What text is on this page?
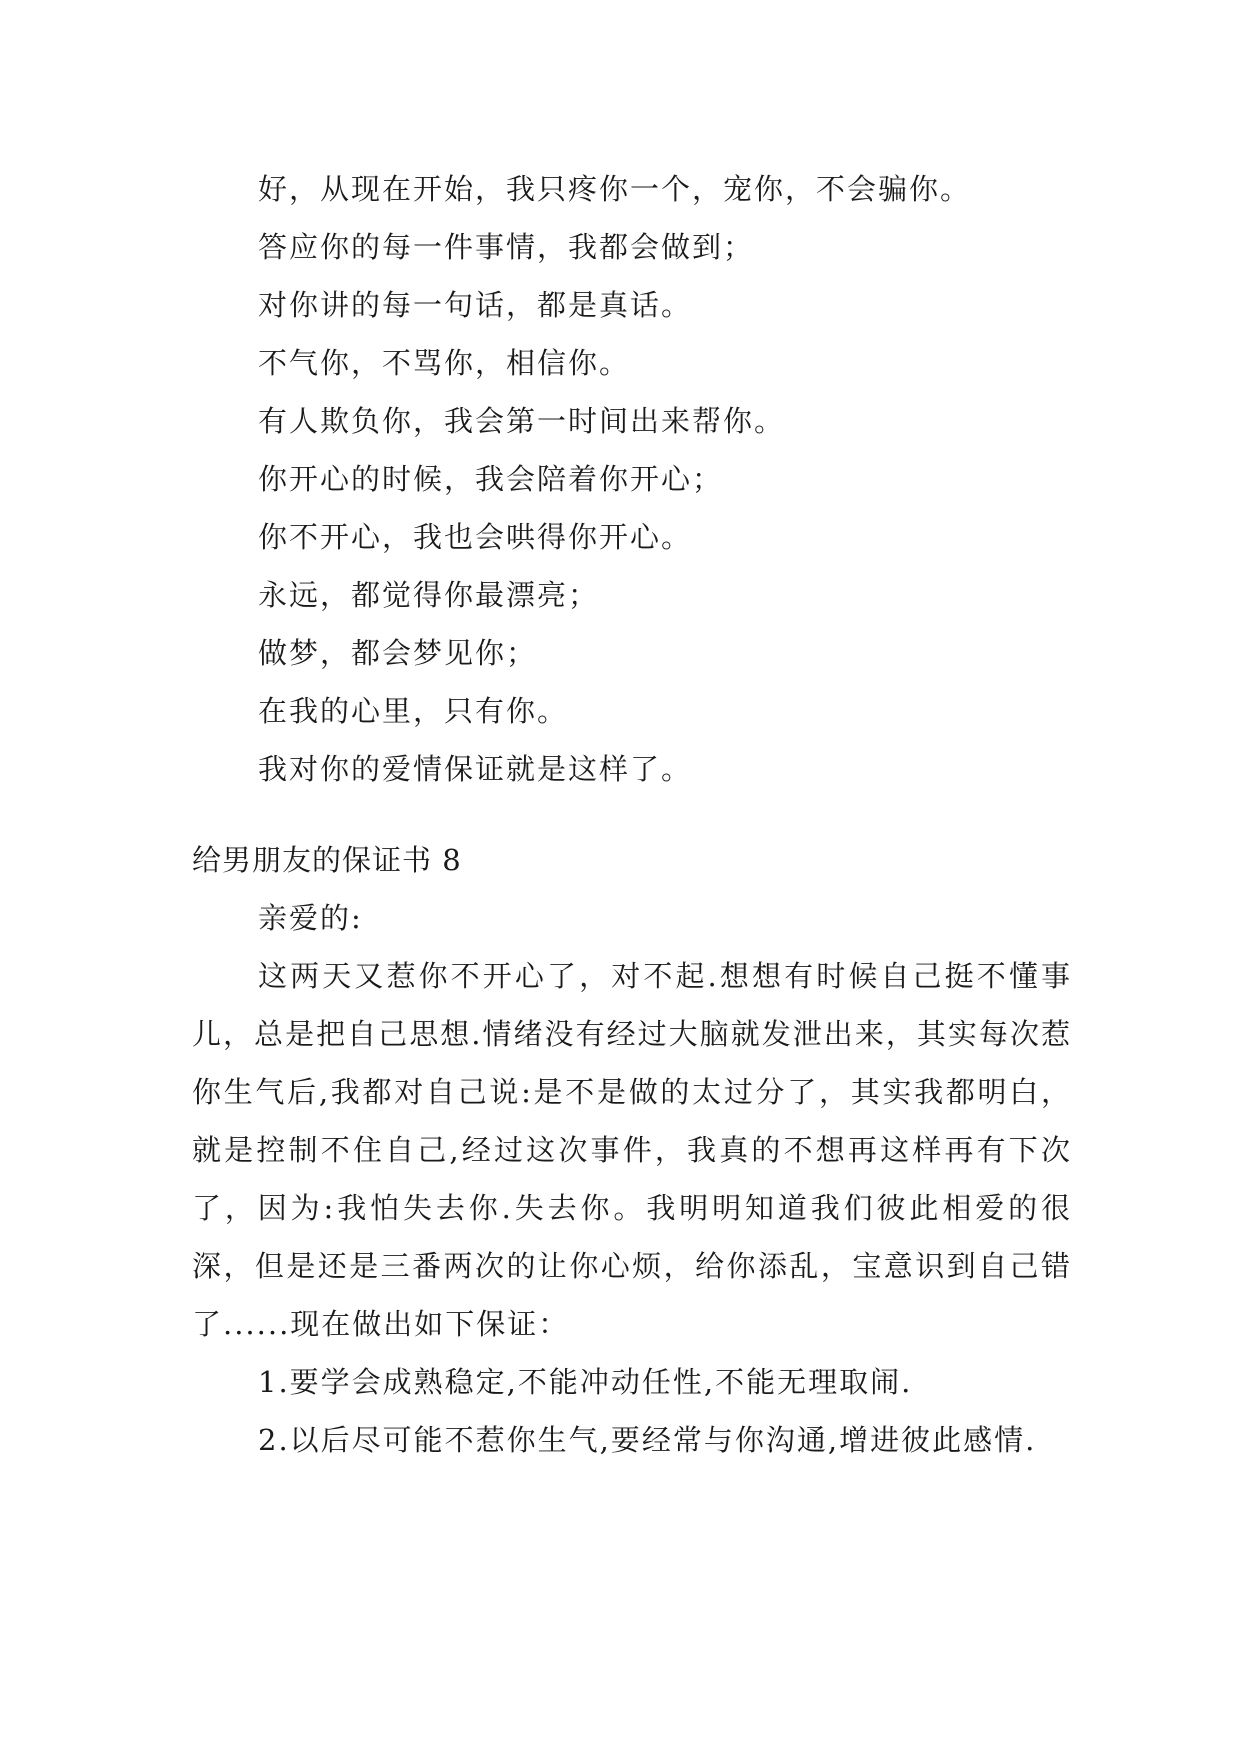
好，从现在开始，我只疼你一个，宠你，不会骗你。
答应你的每一件事情，我都会做到；
对你讲的每一句话，都是真话。
不气你，不骂你，相信你。
有人欺负你，我会第一时间出来帮你。
你开心的时候，我会陪着你开心；
你不开心，我也会哄得你开心。
永远，都觉得你最漂亮；
做梦，都会梦见你；
在我的心里，只有你。
我对你的爱情保证就是这样了。
给男朋友的保证书 8
亲爱的:

这两天又惹你不开心了，对不起.想想有时候自己挺不懂事儿，总是把自己思想.情绪没有经过大脑就发泄出来，其实每次惹你生气后,我都对自己说:是不是做的太过分了，其实我都明白，就是控制不住自己,经过这次事件，我真的不想再这样再有下次了，因为:我怕失去你.失去你。我明明知道我们彼此相爱的很深，但是还是三番两次的让你心烦，给你添乱，宝意识到自己错了......现在做出如下保证：

1.要学会成熟稳定,不能冲动任性,不能无理取闹.

2.以后尽可能不惹你生气,要经常与你沟通,增进彼此感情.
